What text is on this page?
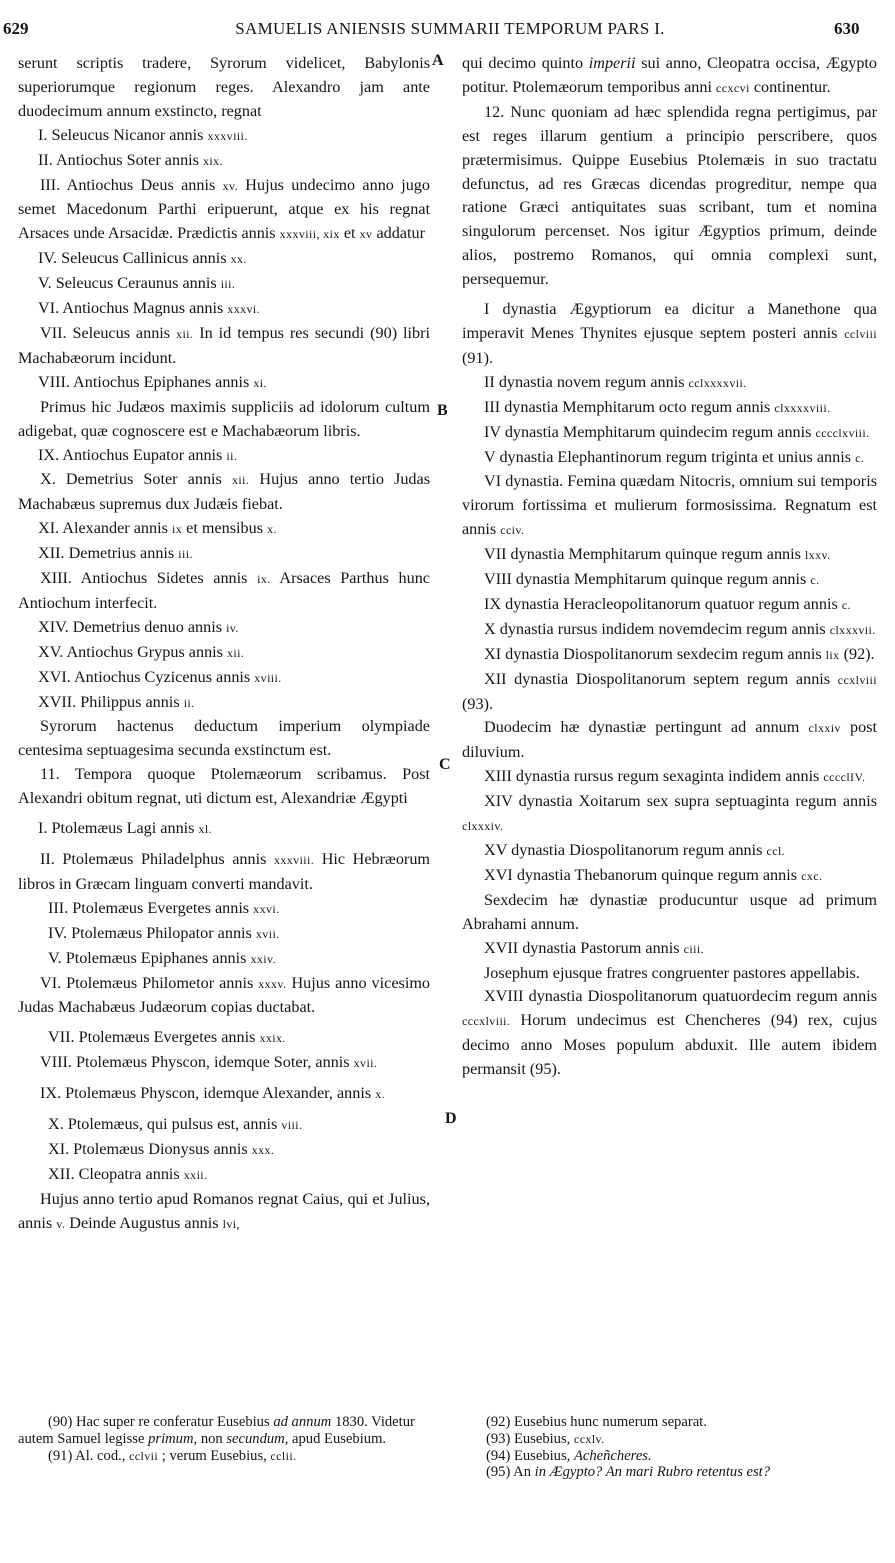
629	SAMUELIS ANIENSIS SUMMARII TEMPORUM PARS I.	630
A
B
C
D

serunt scriptis tradere, Syrorum videlicet, Babylonis superiorumque regionum reges. Alexandro jam ante duodecimum annum exstincto, regnat

I. Seleucus Nicanor annis xxxviii.

II. Antiochus Soter annis xix.

III. Antiochus Deus annis xv. Hujus undecimo anno jugo semet Macedonum Parthi eripuerunt, atque ex his regnat Arsaces unde Arsacidæ. Prædictis annis xxxviii, xix et xv addatur

IV. Seleucus Callinicus annis xx.

V. Seleucus Ceraunus annis iii.

VI. Antiochus Magnus annis xxxvi.

VII. Seleucus annis xii. In id tempus res secundi (90) libri Machabæorum incidunt.

VIII. Antiochus Epiphanes annis xi.

Primus hic Judæos maximis suppliciis ad idolorum cultum adigebat, quæ cognoscere est e Machabæorum libris.

IX. Antiochus Eupator annis ii.

X. Demetrius Soter annis xii. Hujus anno tertio Judas Machabæus supremus dux Judæis fiebat.

XI. Alexander annis ix et mensibus x.

XII. Demetrius annis iii.

XIII. Antiochus Sidetes annis ix. Arsaces Parthus hunc Antiochum interfecit.

XIV. Demetrius denuo annis iv.

XV. Antiochus Grypus annis xii.

XVI. Antiochus Cyzicenus annis xviii.

XVII. Philippus annis ii.

Syrorum hactenus deductum imperium olympiade centesima septuagesima secunda exstinctum est.

11. Tempora quoque Ptolemæorum scribamus. Post Alexandri obitum regnat, uti dictum est, Alexandriæ Ægypti

I. Ptolemæus Lagi annis xl.

II. Ptolemæus Philadelphus annis xxxviii. Hic Hebræorum libros in Græcam linguam converti mandavit.

III. Ptolemæus Evergetes annis xxvi.

IV. Ptolemæus Philopator annis xvii.

V. Ptolemæus Epiphanes annis xxiv.

VI. Ptolemæus Philometor annis xxxv. Hujus anno vicesimo Judas Machabæus Judæorum copias ductabat.

VII. Ptolemæus Evergetes annis xxix.

VIII. Ptolemæus Physcon, idemque Soter, annis xvii.

IX. Ptolemæus Physcon, idemque Alexander, annis x.

X. Ptolemæus, qui pulsus est, annis viii.

XI. Ptolemæus Dionysus annis xxx.

XII. Cleopatra annis xxii.

Hujus anno tertio apud Romanos regnat Caius, qui et Julius, annis v. Deinde Augustus annis lvi,

qui decimo quinto imperii sui anno, Cleopatra occisa, Ægypto potitur. Ptolemæorum temporibus anni ccxcvi continentur.

12. Nunc quoniam ad hæc splendida regna pertigimus, par est reges illarum gentium a principio perscribere, quos prætermisimus. Quippe Eusebius Ptolemæis in suo tractatu defunctus, ad res Græcas dicendas progreditur, nempe qua ratione Græci antiquitates suas scribant, tum et nomina singulorum percenset. Nos igitur Ægyptios primum, deinde alios, postremo Romanos, qui omnia complexi sunt, persequemur.

I dynastia Ægyptiorum ea dicitur a Manethone qua imperavit Menes Thynites ejusque septem posteri annis cclviii (91).

II dynastia novem regum annis cclxxxxvii.

III dynastia Memphitarum octo regum annis clxxxxviii.

IV dynastia Memphitarum quindecim regum annis cccclxviii.

V dynastia Elephantinorum regum triginta et unius annis c.

VI dynastia. Femina quædam Nitocris, omnium sui temporis virorum fortissima et mulierum formosissima. Regnatum est annis cciv.

VII dynastia Memphitarum quinque regum annis lxxv.

VIII dynastia Memphitarum quinque regum annis c.

IX dynastia Heracleopolitanorum quatuor regum annis c.

X dynastia rursus indidem novemdecim regum annis clxxxvii.

XI dynastia Diospolitanorum sexdecim regum annis lix (92).

XII dynastia Diospolitanorum septem regum annis ccxlviii (93).

Duodecim hæ dynastiæ pertingunt ad annum clxxiv post diluvium.

XIII dynastia rursus regum sexaginta indidem annis cccclIV.

XIV dynastia Xoitarum sex supra septuaginta regum annis clxxxiv.

XV dynastia Diospolitanorum regum annis ccl.

XVI dynastia Thebanorum quinque regum annis cxc.

Sexdecim hæ dynastiæ producuntur usque ad primum Abrahami annum.

XVII dynastia Pastorum annis ciii.

Josephum ejusque fratres congruenter pastores appellabis.

XVIII dynastia Diospolitanorum quatuordecim regum annis cccxlviii. Horum undecimus est Chencheres (94) rex, cujus decimo anno Moses populum abduxit. Ille autem ibidem permansit (95).

(90) Hac super re conferatur Eusebius ad annum 1830. Videtur autem Samuel legisse primum, non secundum, apud Eusebium.

(91) Al. cod., cclvii ; verum Eusebius, cclii.

(92) Eusebius hunc numerum separat.

(93) Eusebius, ccxlv.

(94) Eusebius, Acheñcheres.

(95) An in Ægypto? An mari Rubro retentus est?
